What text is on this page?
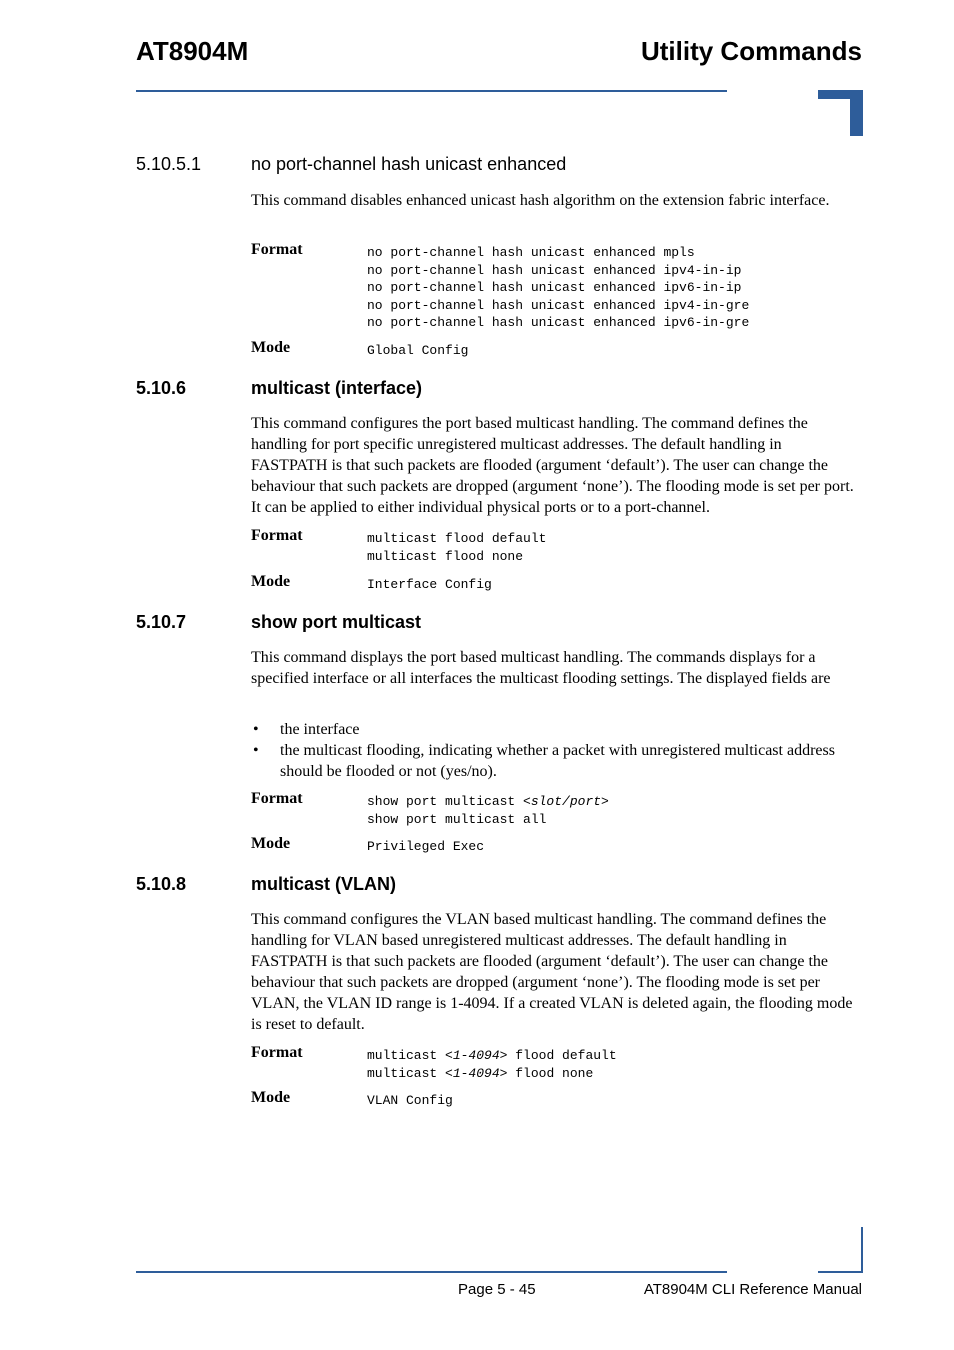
AT8904M	Utility Commands
5.10.5.1	no port-channel hash unicast enhanced
This command disables enhanced unicast hash algorithm on the extension fabric interface.
Format	no port-channel hash unicast enhanced mpls
no port-channel hash unicast enhanced ipv4-in-ip
no port-channel hash unicast enhanced ipv6-in-ip
no port-channel hash unicast enhanced ipv4-in-gre
no port-channel hash unicast enhanced ipv6-in-gre
Mode	Global Config
5.10.6	multicast (interface)
This command configures the port based multicast handling. The command defines the handling for port specific unregistered multicast addresses. The default handling in FASTPATH is that such packets are flooded (argument ‘default’). The user can change the behaviour that such packets are dropped (argument ‘none’). The flooding mode is set per port. It can be applied to either individual physical ports or to a port-channel.
Format	multicast flood default
multicast flood none
Mode	Interface Config
5.10.7	show port multicast
This command displays the port based multicast handling. The commands displays for a specified interface or all interfaces the multicast flooding settings. The displayed fields are
• the interface
• the multicast flooding, indicating whether a packet with unregistered multicast address should be flooded or not (yes/no).
Format	show port multicast <slot/port>
show port multicast all
Mode	Privileged Exec
5.10.8	multicast (VLAN)
This command configures the VLAN based multicast handling. The command defines the handling for VLAN based unregistered multicast addresses. The default handling in FASTPATH is that such packets are flooded (argument ‘default’). The user can change the behaviour that such packets are dropped (argument ‘none’). The flooding mode is set per VLAN, the VLAN ID range is 1-4094. If a created VLAN is deleted again, the flooding mode is reset to default.
Format	multicast <1-4094> flood default
multicast <1-4094> flood none
Mode	VLAN Config
Page 5 - 45	AT8904M CLI Reference Manual
